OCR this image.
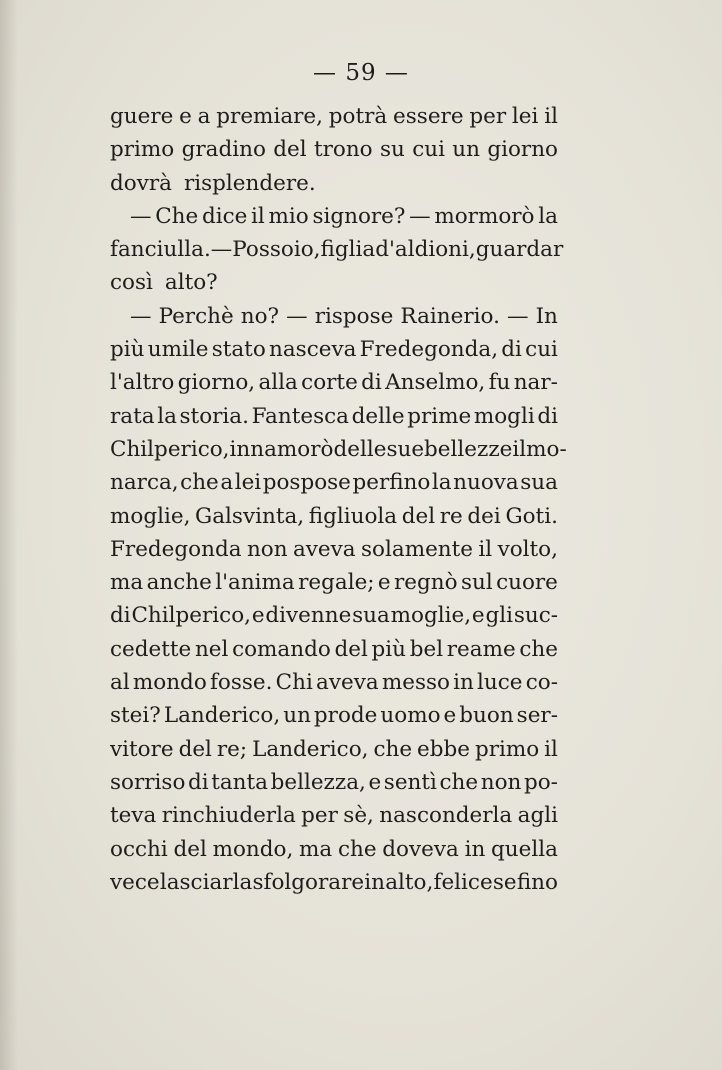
— 59 —
guere e a premiare, potrà essere per lei il
primo gradino del trono su cui un giorno
dovrà risplendere.
— Che dice il mio signore? — mormorò la
fanciulla. — Posso io, figlia d'aldioni, guardar
così alto?
— Perchè no? — rispose Rainerio. — In
più umile stato nasceva Fredegonda, di cui
l'altro giorno, alla corte di Anselmo, fu nar-
rata la storia. Fantesca delle prime mogli di
Chilperico, innamorò delle sue bellezze il mo-
narca, che a lei pospose perfino la nuova sua
moglie, Galsvinta, figliuola del re dei Goti.
Fredegonda non aveva solamente il volto,
ma anche l'anima regale; e regnò sul cuore
di Chilperico, e divenne sua moglie, e gli suc-
cedette nel comando del più bel reame che
al mondo fosse. Chi aveva messo in luce co-
stei? Landerico, un prode uomo e buon ser-
vitore del re; Landerico, che ebbe primo il
sorriso di tanta bellezza, e sentì che non po-
teva rinchiuderla per sè, nasconderla agli
occhi del mondo, ma che doveva in quella
vece lasciarla sfolgorare in alto, felice se fino
